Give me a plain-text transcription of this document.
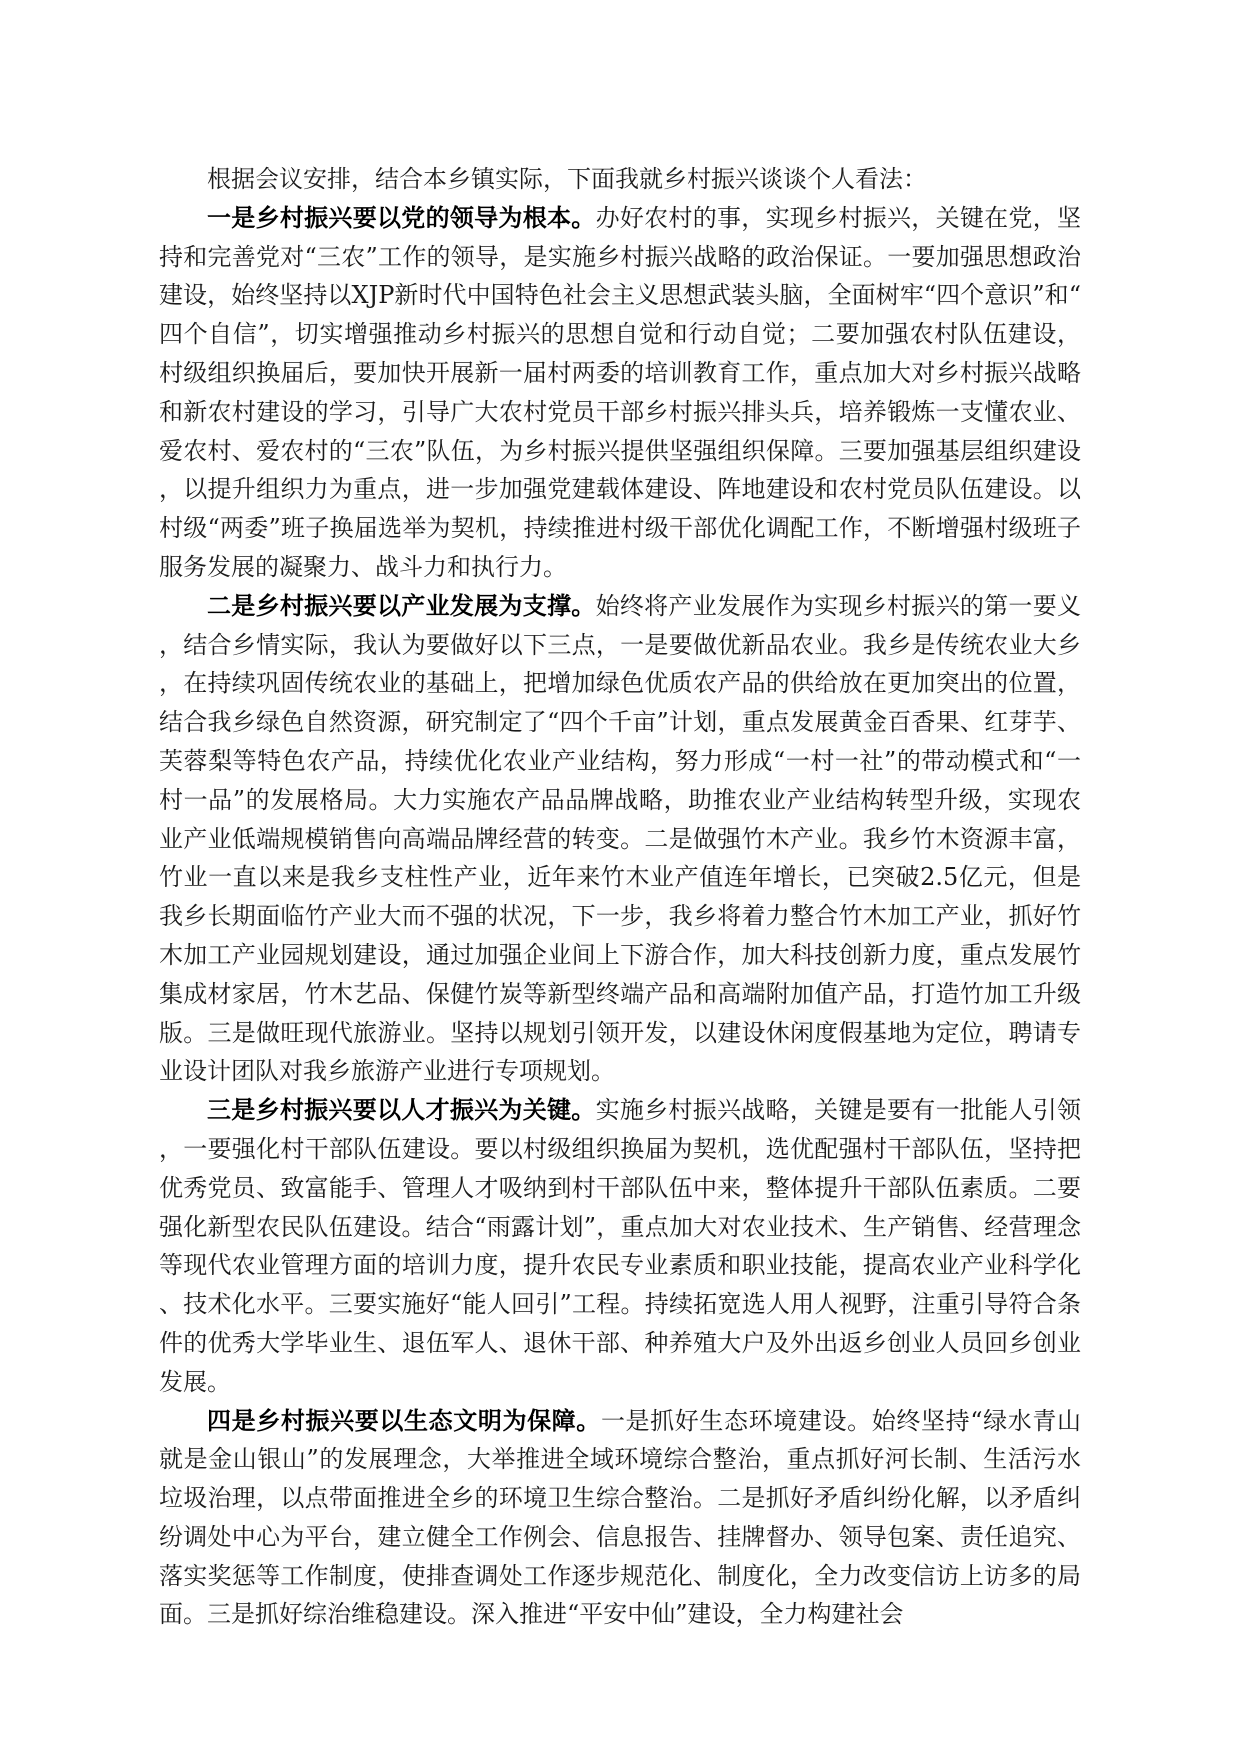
根据会议安排，结合本乡镇实际，下面我就乡村振兴谈谈个人看法：

一是乡村振兴要以党的领导为根本。办好农村的事，实现乡村振兴，关键在党，坚持和完善党对“三农”工作的领导，是实施乡村振兴战略的政治保证。一要加强思想政治建设，始终坚持以XJP新时代中国特色社会主义思想武装头脑，全面树牢“四个意识”和“四个自信”，切实增强推动乡村振兴的思想自觉和行动自觉；二要加强农村队伍建设，村级组织换届后，要加快开展新一届村两委的培训教育工作，重点加大对乡村振兴战略和新农村建设的学习，引导广大农村党员干部乡村振兴排头兵，培养锻炼一支懂农业、爱农村、爱农村的“三农”队伍，为乡村振兴提供坚强组织保障。三要加强基层组织建设，以提升组织力为重点，进一步加强党建载体建设、阵地建设和农村党员队伍建设。以村级“两委”班子换届选举为契机，持续推进村级干部优化调配工作，不断增强村级班子服务发展的凝聚力、战斗力和执行力。

二是乡村振兴要以产业发展为支撑。始终将产业发展作为实现乡村振兴的第一要义，结合乡情实际，我认为要做好以下三点，一是要做优新品农业。我乡是传统农业大乡，在持续巩固传统农业的基础上，把增加绿色优质农产品的供给放在更加突出的位置，结合我乡绿色自然资源，研究制定了“四个千亩”计划，重点发展黄金百香果、红芽芋、芙蓉梨等特色农产品，持续优化农业产业结构，努力形成“一村一社”的带动模式和“一村一品”的发展格局。大力实施农产品品牌战略，助推农业产业结构转型升级，实现农业产业低端规模销售向高端品牌经营的转变。二是做强竹木产业。我乡竹木资源丰富，竹业一直以来是我乡支柱性产业，近年来竹木业产值连年增长，已突破2.5亿元，但是我乡长期面临竹产业大而不强的状况，下一步，我乡将着力整合竹木加工产业，抓好竹木加工产业园规划建设，通过加强企业间上下游合作，加大科技创新力度，重点发展竹集成材家居，竹木艺品、保健竹炭等新型终端产品和高端附加值产品，打造竹加工升级版。三是做旺现代旅游业。坚持以规划引领开发，以建设休闲度假基地为定位，聘请专业设计团队对我乡旅游产业进行专项规划。

三是乡村振兴要以人才振兴为关键。实施乡村振兴战略，关键是要有一批能人引领，一要强化村干部队伍建设。要以村级组织换届为契机，选优配强村干部队伍，坚持把优秀党员、致富能手、管理人才吸纳到村干部队伍中来，整体提升干部队伍素质。二要强化新型农民队伍建设。结合“雨露计划”，重点加大对农业技术、生产销售、经营理念等现代农业管理方面的培训力度，提升农民专业素质和职业技能，提高农业产业科学化、技术化水平。三要实施好“能人回引”工程。持续拓宽选人用人视野，注重引导符合条件的优秀大学毕业生、退伍军人、退休干部、种养殖大户及外出返乡创业人员回乡创业发展。

四是乡村振兴要以生态文明为保障。一是抓好生态环境建设。始终坚持“绿水青山就是金山银山”的发展理念，大举推进全域环境综合整治，重点抓好河长制、生活污水垃圾治理，以点带面推进全乡的环境卫生综合整治。二是抓好矛盾纠纷化解，以矛盾纠纷调处中心为平台，建立健全工作例会、信息报告、挂牌督办、领导包案、责任追究、落实奖惩等工作制度，使排查调处工作逐步规范化、制度化，全力改变信访上访多的局面。三是抓好综治维稳建设。深入推进“平安中仙”建设，全力构建社会
